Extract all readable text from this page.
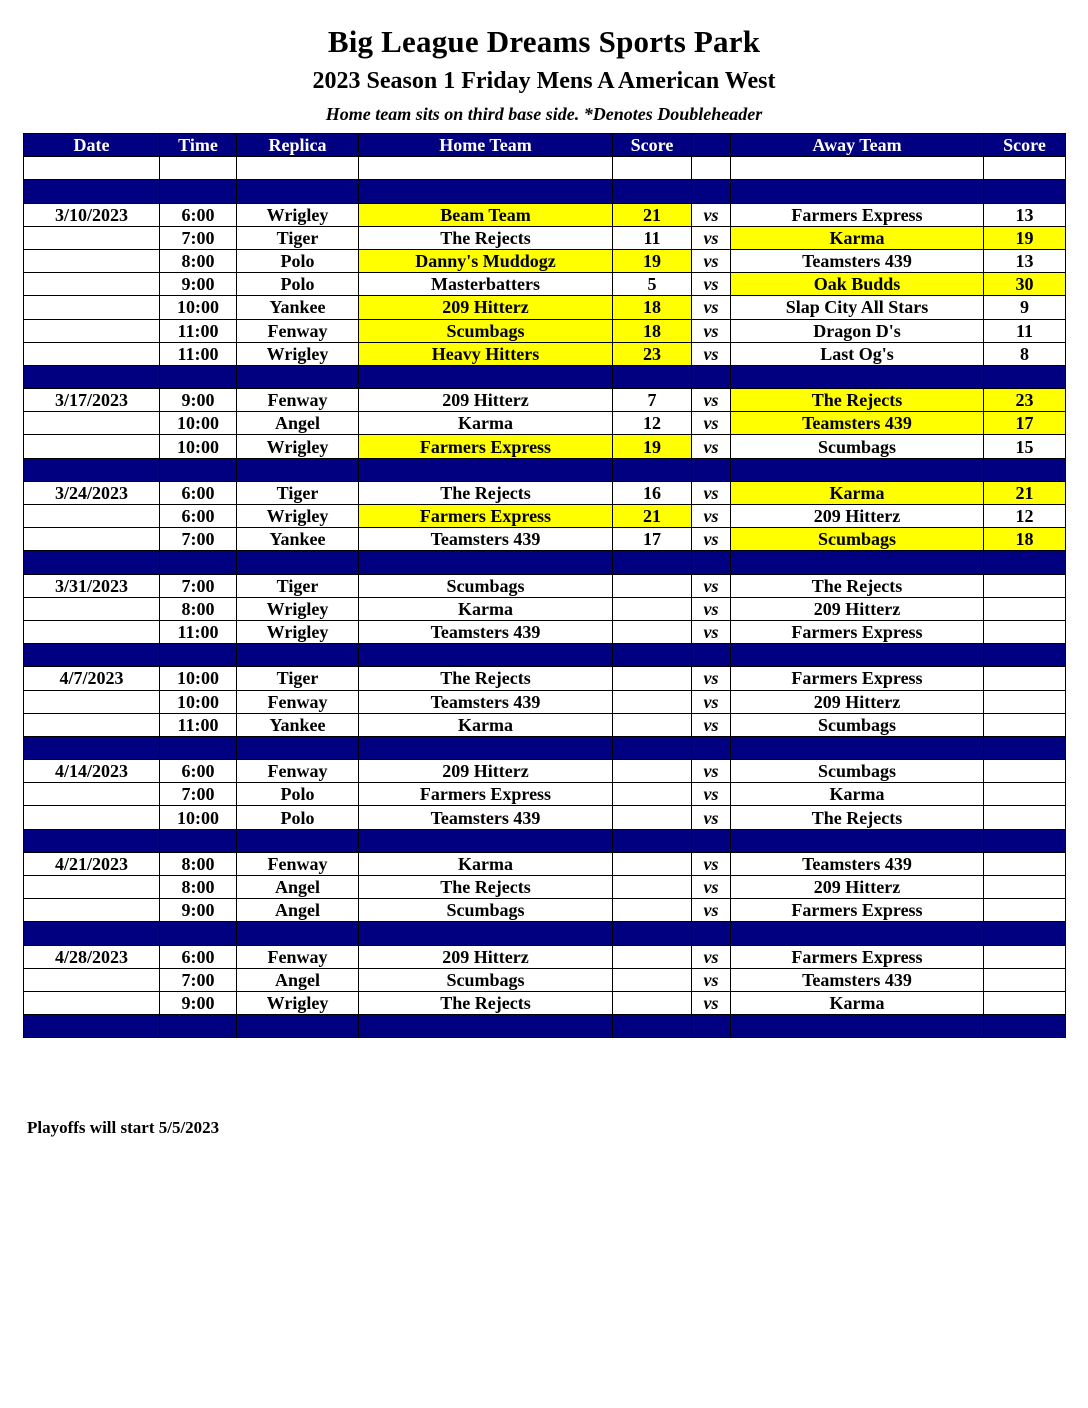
Big League Dreams Sports Park
2023 Season 1 Friday Mens A American West
Home team sits on third base side. *Denotes Doubleheader
Date	Time	Replica	Home Team	Score		Away Team	Score

3/10/2023	6:00	Wrigley	Beam Team	21	vs	Farmers Express	13
	7:00	Tiger	The Rejects	11	vs	Karma	19
	8:00	Polo	Danny's Muddogz	19	vs	Teamsters 439	13
	9:00	Polo	Masterbatters	5	vs	Oak Budds	30
	10:00	Yankee	209 Hitterz	18	vs	Slap City All Stars	9
	11:00	Fenway	Scumbags	18	vs	Dragon D's	11
	11:00	Wrigley	Heavy Hitters	23	vs	Last Og's	8

3/17/2023	9:00	Fenway	209 Hitterz	7	vs	The Rejects	23
	10:00	Angel	Karma	12	vs	Teamsters 439	17
	10:00	Wrigley	Farmers Express	19	vs	Scumbags	15

3/24/2023	6:00	Tiger	The Rejects	16	vs	Karma	21
	6:00	Wrigley	Farmers Express	21	vs	209 Hitterz	12
	7:00	Yankee	Teamsters 439	17	vs	Scumbags	18

3/31/2023	7:00	Tiger	Scumbags		vs	The Rejects	
	8:00	Wrigley	Karma		vs	209 Hitterz	
	11:00	Wrigley	Teamsters 439		vs	Farmers Express	

4/7/2023	10:00	Tiger	The Rejects		vs	Farmers Express	
	10:00	Fenway	Teamsters 439		vs	209 Hitterz	
	11:00	Yankee	Karma		vs	Scumbags	

4/14/2023	6:00	Fenway	209 Hitterz		vs	Scumbags	
	7:00	Polo	Farmers Express		vs	Karma	
	10:00	Polo	Teamsters 439		vs	The Rejects	

4/21/2023	8:00	Fenway	Karma		vs	Teamsters 439	
	8:00	Angel	The Rejects		vs	209 Hitterz	
	9:00	Angel	Scumbags		vs	Farmers Express	

4/28/2023	6:00	Fenway	209 Hitterz		vs	Farmers Express	
	7:00	Angel	Scumbags		vs	Teamsters 439	
	9:00	Wrigley	The Rejects		vs	Karma	

Playoffs will start 5/5/2023
